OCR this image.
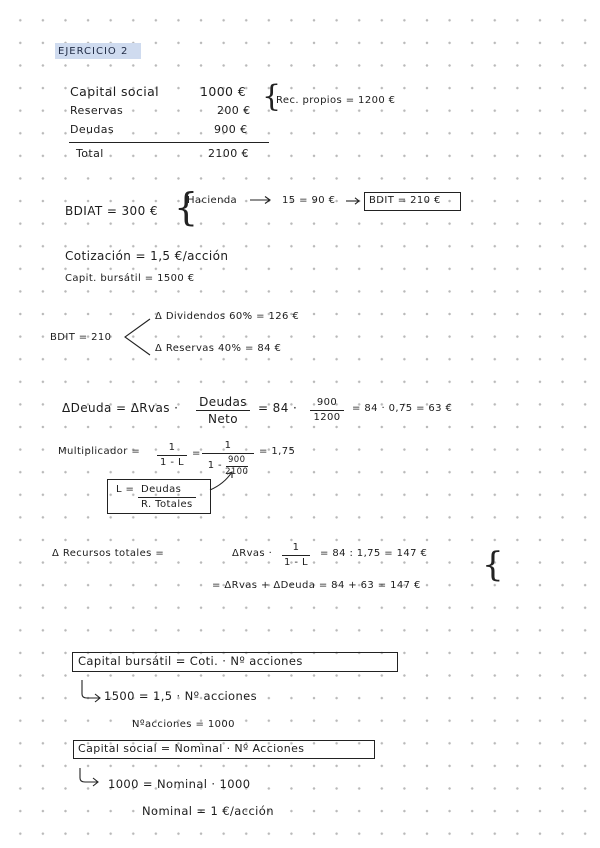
EJERCICIO 2
Capital social	1000 €
Reservas	200 €
Deudas	900 €
Total	2100 €
{
Rec. propios = 1200 €
BDIAT = 300 € {
Hacienda	15 = 90 €	BDIT = 210 €
Cotización = 1,5 €/acción
Capit. bursátil = 1500 €
BDIT = 210
Δ Dividendos 60% = 126 €
Δ Reservas 40% = 84 €
ΔDeuda = ΔRvas · Deudas
Neto
= 84 · 900
1200
= 84 · 0,75 = 63 €
Multiplicador =	1
1 - L
=
1
1 -
900
2100
= 1,75
L = Deudas
R. Totales
Δ Recursos totales =	ΔRvas ·
1
1 - L
= 84 : 1,75 = 147 €
= ΔRvas + ΔDeuda = 84 + 63 = 147 €
{
Capital bursátil = Coti. · Nº acciones
1500 = 1,5 · Nº acciones
Nºacciones = 1000
Capital social = Nominal · Nº Acciones
1000 = Nominal · 1000
Nominal = 1 €/acción
